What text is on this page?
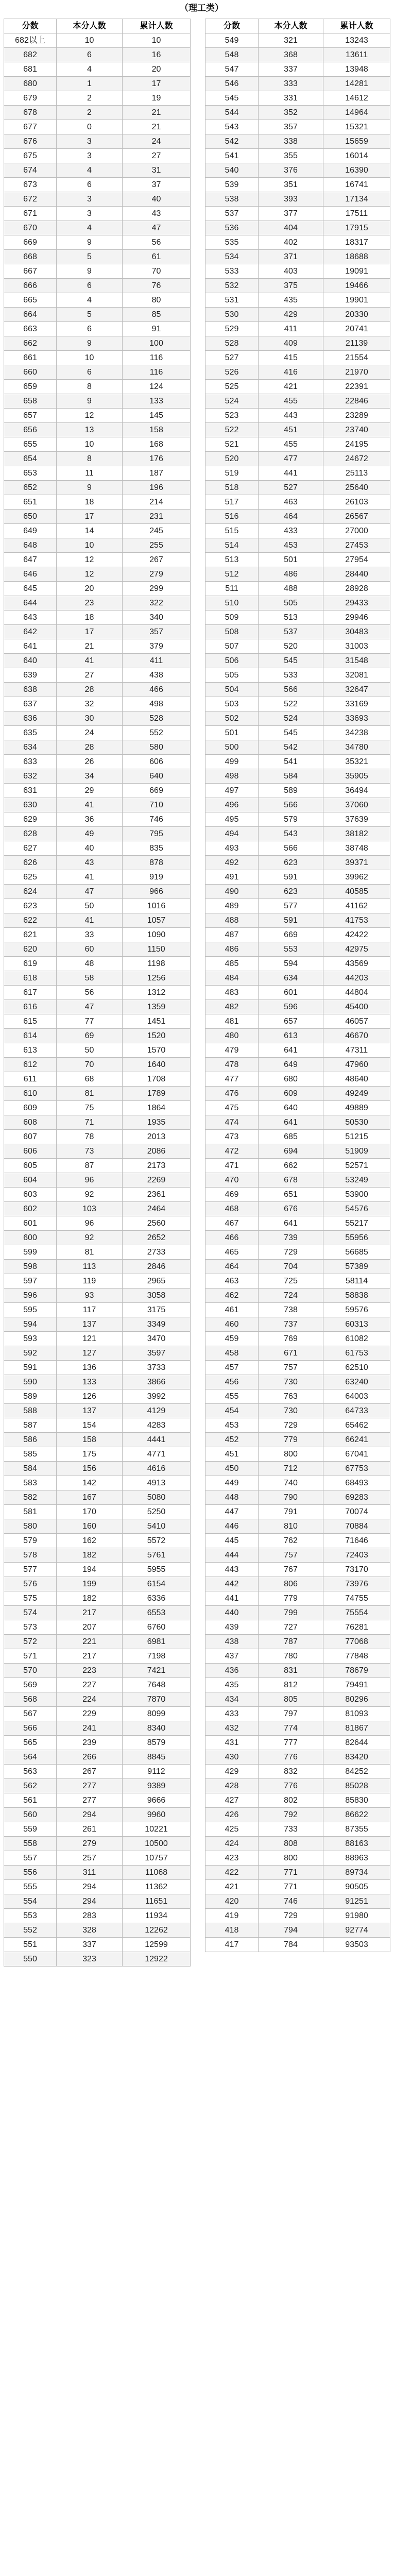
（理工类）
分数	本分人数	累计人数
682以上	10	10
682	6	16
681	4	20
680	1	17
679	2	19
678	2	21
677	0	21
676	3	24
675	3	27
674	4	31
673	6	37
672	3	40
671	3	43
670	4	47
669	9	56
668	5	61
667	9	70
666	6	76
665	4	80
664	5	85
663	6	91
662	9	100
661	10	116
660	6	116
659	8	124
658	9	133
657	12	145
656	13	158
655	10	168
654	8	176
653	11	187
652	9	196
651	18	214
650	17	231
649	14	245
648	10	255
647	12	267
646	12	279
645	20	299
644	23	322
643	18	340
642	17	357
641	21	379
640	41	411
639	27	438
638	28	466
637	32	498
636	30	528
635	24	552
634	28	580
633	26	606
632	34	640
631	29	669
630	41	710
629	36	746
628	49	795
627	40	835
626	43	878
625	41	919
624	47	966
623	50	1016
622	41	1057
621	33	1090
620	60	1150
619	48	1198
618	58	1256
617	56	1312
616	47	1359
615	77	1451
614	69	1520
613	50	1570
612	70	1640
611	68	1708
610	81	1789
609	75	1864
608	71	1935
607	78	2013
606	73	2086
605	87	2173
604	96	2269
603	92	2361
602	103	2464
601	96	2560
600	92	2652
599	81	2733
598	113	2846
597	119	2965
596	93	3058
595	117	3175
594	137	3349
593	121	3470
592	127	3597
591	136	3733
590	133	3866
589	126	3992
588	137	4129
587	154	4283
586	158	4441
585	175	4771
584	156	4616
583	142	4913
582	167	5080
581	170	5250
580	160	5410
579	162	5572
578	182	5761
577	194	5955
576	199	6154
575	182	6336
574	217	6553
573	207	6760
572	221	6981
571	217	7198
570	223	7421
569	227	7648
568	224	7870
567	229	8099
566	241	8340
565	239	8579
564	266	8845
563	267	9112
562	277	9389
561	277	9666
560	294	9960
559	261	10221
558	279	10500
557	257	10757
556	311	11068
555	294	11362
554	294	11651
553	283	11934
552	328	12262
551	337	12599
550	323	12922
分数	本分人数	累计人数
549	321	13243
548	368	13611
547	337	13948
546	333	14281
545	331	14612
544	352	14964
543	357	15321
542	338	15659
541	355	16014
540	376	16390
539	351	16741
538	393	17134
537	377	17511
536	404	17915
535	402	18317
534	371	18688
533	403	19091
532	375	19466
531	435	19901
530	429	20330
529	411	20741
528	409	21139
527	415	21554
526	416	21970
525	421	22391
524	455	22846
523	443	23289
522	451	23740
521	455	24195
520	477	24672
519	441	25113
518	527	25640
517	463	26103
516	464	26567
515	433	27000
514	453	27453
513	501	27954
512	486	28440
511	488	28928
510	505	29433
509	513	29946
508	537	30483
507	520	31003
506	545	31548
505	533	32081
504	566	32647
503	522	33169
502	524	33693
501	545	34238
500	542	34780
499	541	35321
498	584	35905
497	589	36494
496	566	37060
495	579	37639
494	543	38182
493	566	38748
492	623	39371
491	591	39962
490	623	40585
489	577	41162
488	591	41753
487	669	42422
486	553	42975
485	594	43569
484	634	44203
483	601	44804
482	596	45400
481	657	46057
480	613	46670
479	641	47311
478	649	47960
477	680	48640
476	609	49249
475	640	49889
474	641	50530
473	685	51215
472	694	51909
471	662	52571
470	678	53249
469	651	53900
468	676	54576
467	641	55217
466	739	55956
465	729	56685
464	704	57389
463	725	58114
462	724	58838
461	738	59576
460	737	60313
459	769	61082
458	671	61753
457	757	62510
456	730	63240
455	763	64003
454	730	64733
453	729	65462
452	779	66241
451	800	67041
450	712	67753
449	740	68493
448	790	69283
447	791	70074
446	810	70884
445	762	71646
444	757	72403
443	767	73170
442	806	73976
441	779	74755
440	799	75554
439	727	76281
438	787	77068
437	780	77848
436	831	78679
435	812	79491
434	805	80296
433	797	81093
432	774	81867
431	777	82644
430	776	83420
429	832	84252
428	776	85028
427	802	85830
426	792	86622
425	733	87355
424	808	88163
423	800	88963
422	771	89734
421	771	90505
420	746	91251
419	729	91980
418	794	92774
417	784	93503
